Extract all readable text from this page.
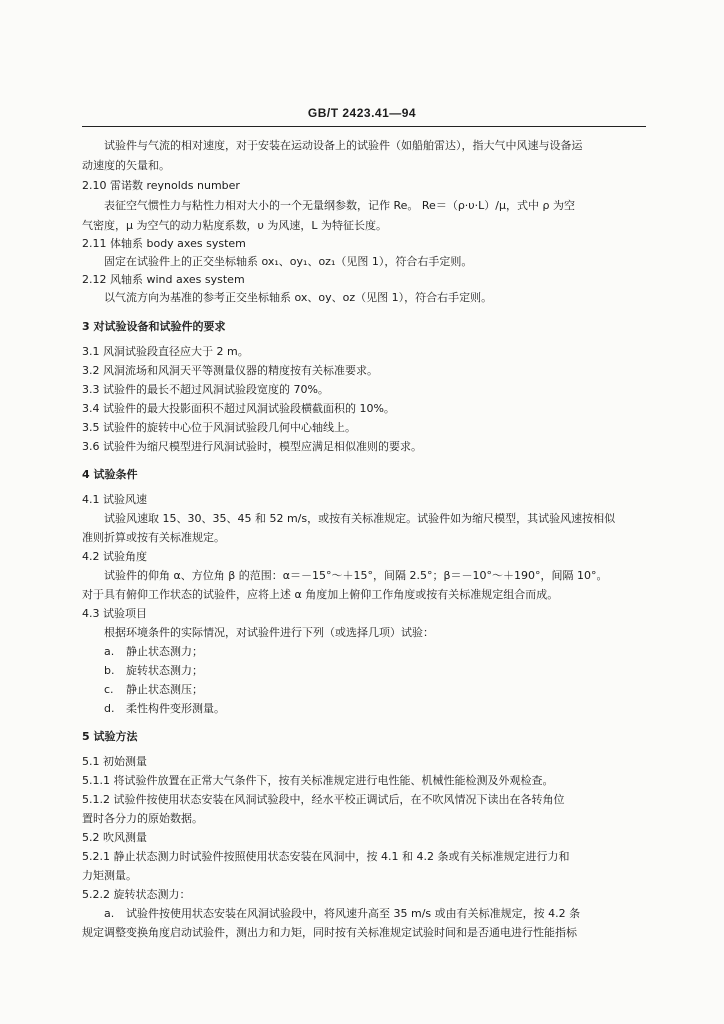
GB/T 2423.41—94
试验件与气流的相对速度，对于安装在运动设备上的试验件（如船舶雷达），指大气中风速与设备运
动速度的矢量和。
2.10 雷诺数 reynolds number
表征空气惯性力与粘性力相对大小的一个无量纲参数，记作 Re。 Re＝（ρ·υ·L）/μ，式中 ρ 为空
气密度，μ 为空气的动力粘度系数，υ 为风速，L 为特征长度。
2.11 体轴系 body axes system
固定在试验件上的正交坐标轴系 ox₁、oy₁、oz₁（见图 1），符合右手定则。
2.12 风轴系 wind axes system
以气流方向为基准的参考正交坐标轴系 ox、oy、oz（见图 1），符合右手定则。
3 对试验设备和试验件的要求
3.1 风洞试验段直径应大于 2 m。
3.2 风洞流场和风洞天平等测量仪器的精度按有关标准要求。
3.3 试验件的最长不超过风洞试验段宽度的 70%。
3.4 试验件的最大投影面积不超过风洞试验段横截面积的 10%。
3.5 试验件的旋转中心位于风洞试验段几何中心轴线上。
3.6 试验件为缩尺模型进行风洞试验时，模型应满足相似准则的要求。
4 试验条件
4.1 试验风速
试验风速取 15、30、35、45 和 52 m/s，或按有关标准规定。试验件如为缩尺模型，其试验风速按相似
准则折算或按有关标准规定。
4.2 试验角度
试验件的仰角 α、方位角 β 的范围：α＝－15°～＋15°，间隔 2.5°；β＝－10°～＋190°，间隔 10°。
对于具有俯仰工作状态的试验件，应将上述 α 角度加上俯仰工作角度或按有关标准规定组合而成。
4.3 试验项目
根据环境条件的实际情况，对试验件进行下列（或选择几项）试验：
a. 静止状态测力；
b. 旋转状态测力；
c. 静止状态测压；
d. 柔性构件变形测量。
5 试验方法
5.1 初始测量
5.1.1 将试验件放置在正常大气条件下，按有关标准规定进行电性能、机械性能检测及外观检查。
5.1.2 试验件按使用状态安装在风洞试验段中，经水平校正调试后，在不吹风情况下读出在各转角位
置时各分力的原始数据。
5.2 吹风测量
5.2.1 静止状态测力时试验件按照使用状态安装在风洞中，按 4.1 和 4.2 条或有关标准规定进行力和
力矩测量。
5.2.2 旋转状态测力：
a. 试验件按使用状态安装在风洞试验段中，将风速升高至 35 m/s 或由有关标准规定，按 4.2 条
规定调整变换角度启动试验件，测出力和力矩，同时按有关标准规定试验时间和是否通电进行性能指标
